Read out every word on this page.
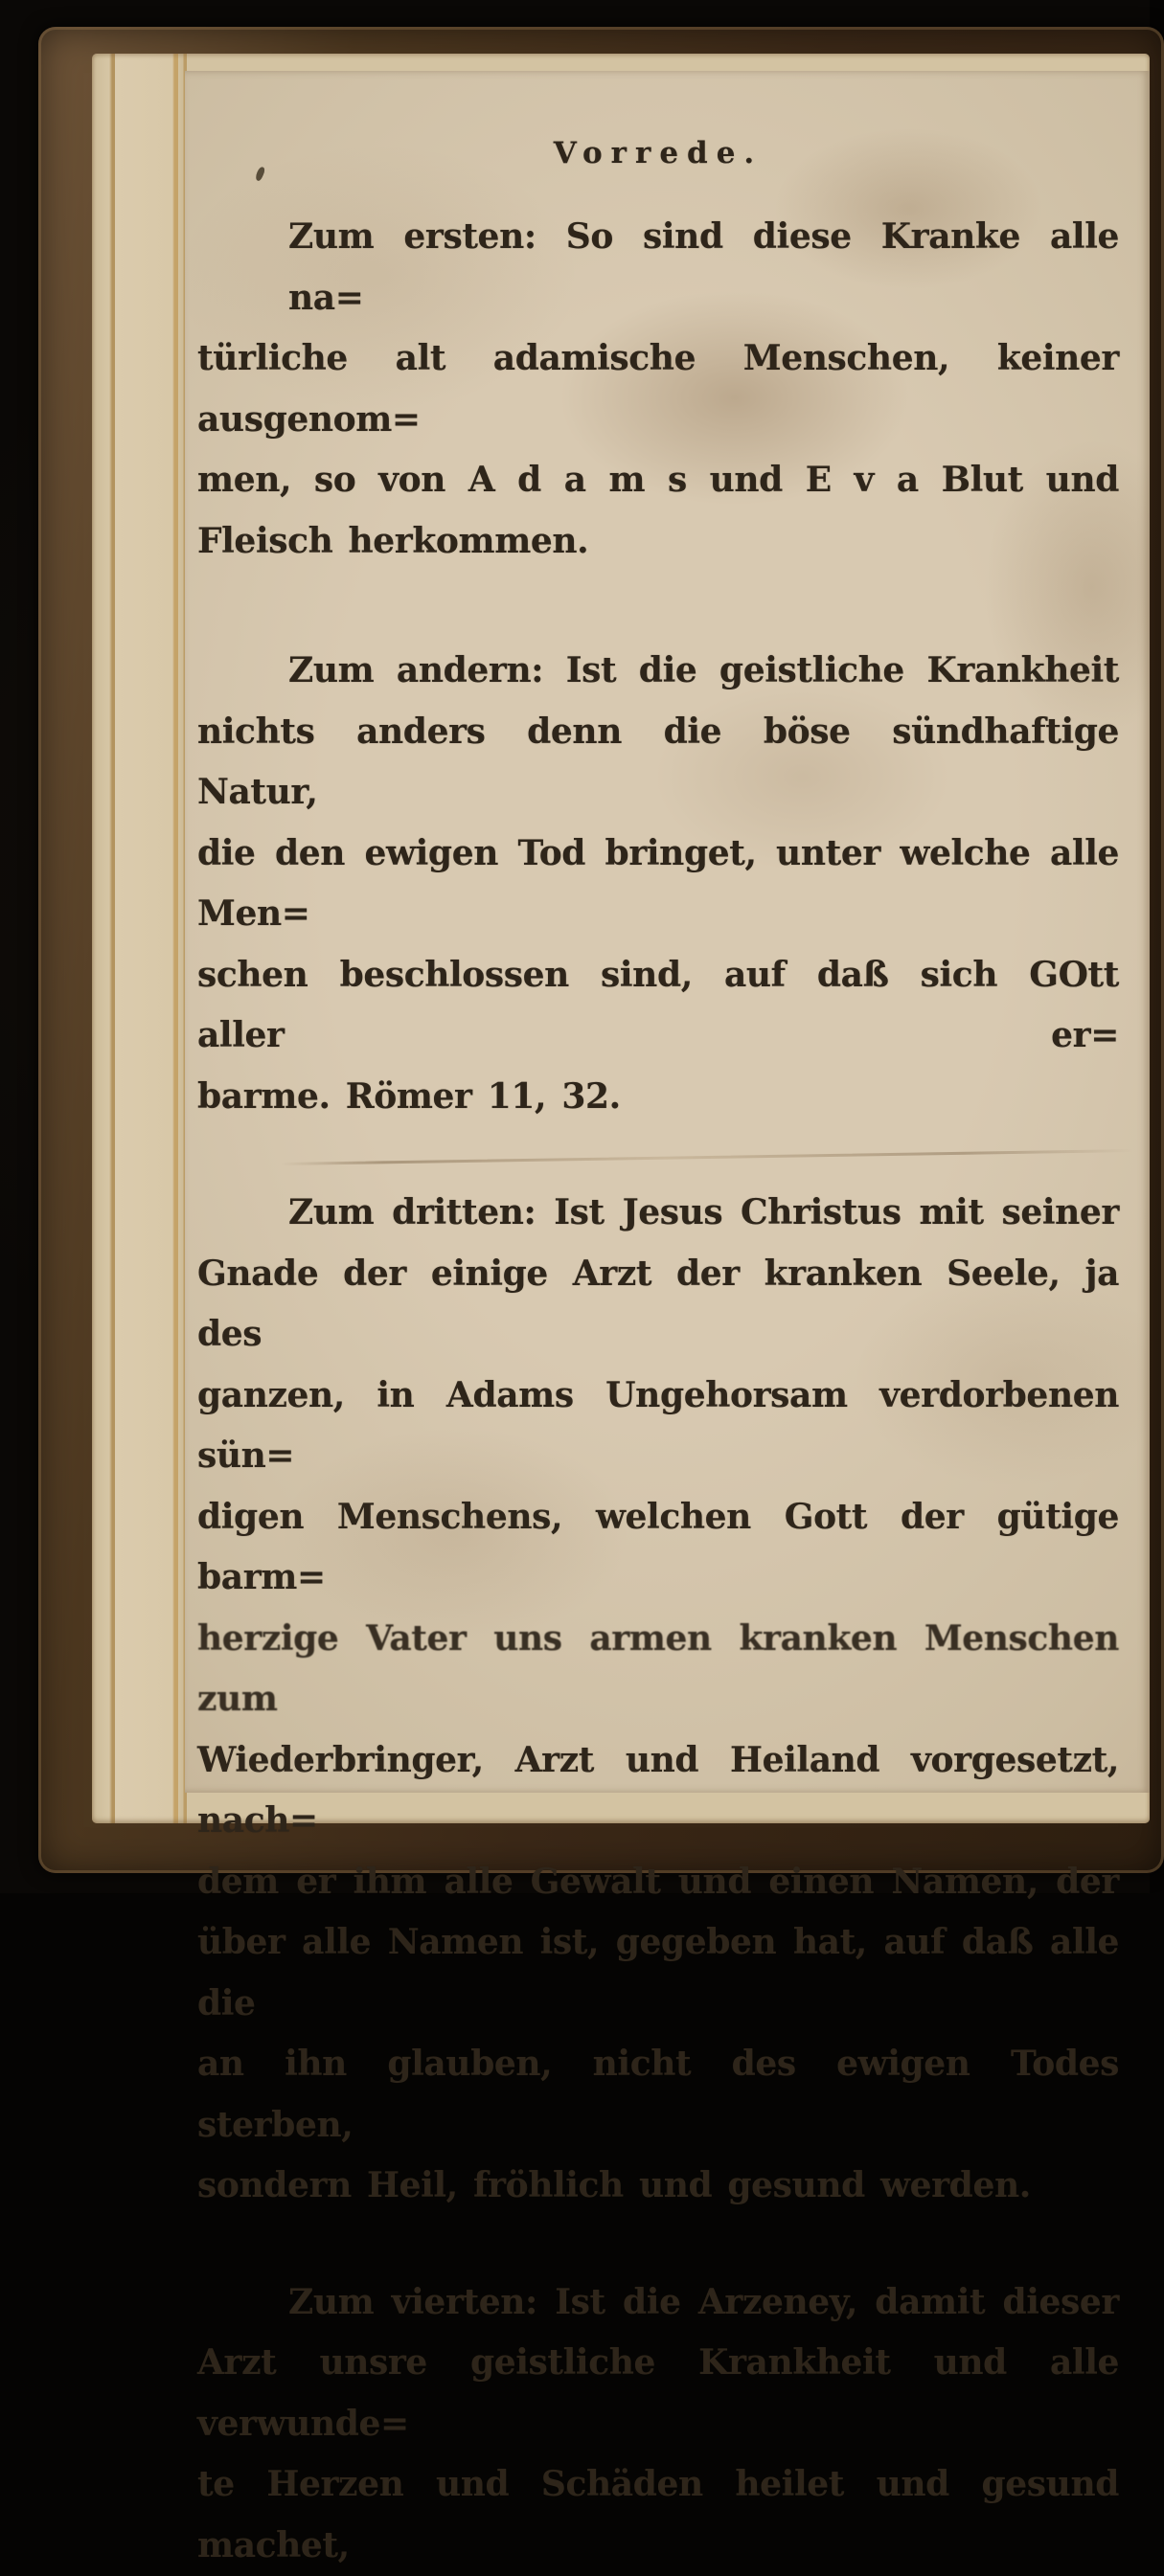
Vorrede.
Zum ersten: So sind diese Kranke alle na=
türliche alt adamische Menschen, keiner ausgenom=
men, so von A d a m s und E v a Blut und
Fleisch herkommen.
Zum andern: Ist die geistliche Krankheit
nichts anders denn die böse sündhaftige Natur,
die den ewigen Tod bringet, unter welche alle Men=
schen beschlossen sind, auf daß sich GOtt aller er=
barme. Römer 11, 32.
Zum dritten: Ist Jesus Christus mit seiner
Gnade der einige Arzt der kranken Seele, ja des
ganzen, in Adams Ungehorsam verdorbenen sün=
digen Menschens, welchen Gott der gütige barm=
herzige Vater uns armen kranken Menschen zum
Wiederbringer, Arzt und Heiland vorgesetzt, nach=
dem er ihm alle Gewalt und einen Namen, der
über alle Namen ist, gegeben hat, auf daß alle die
an ihn glauben, nicht des ewigen Todes sterben,
sondern Heil, fröhlich und gesund werden.
Zum vierten: Ist die Arzeney, damit dieser
Arzt unsre geistliche Krankheit und alle verwunde=
te Herzen und Schäden heilet und gesund machet,
